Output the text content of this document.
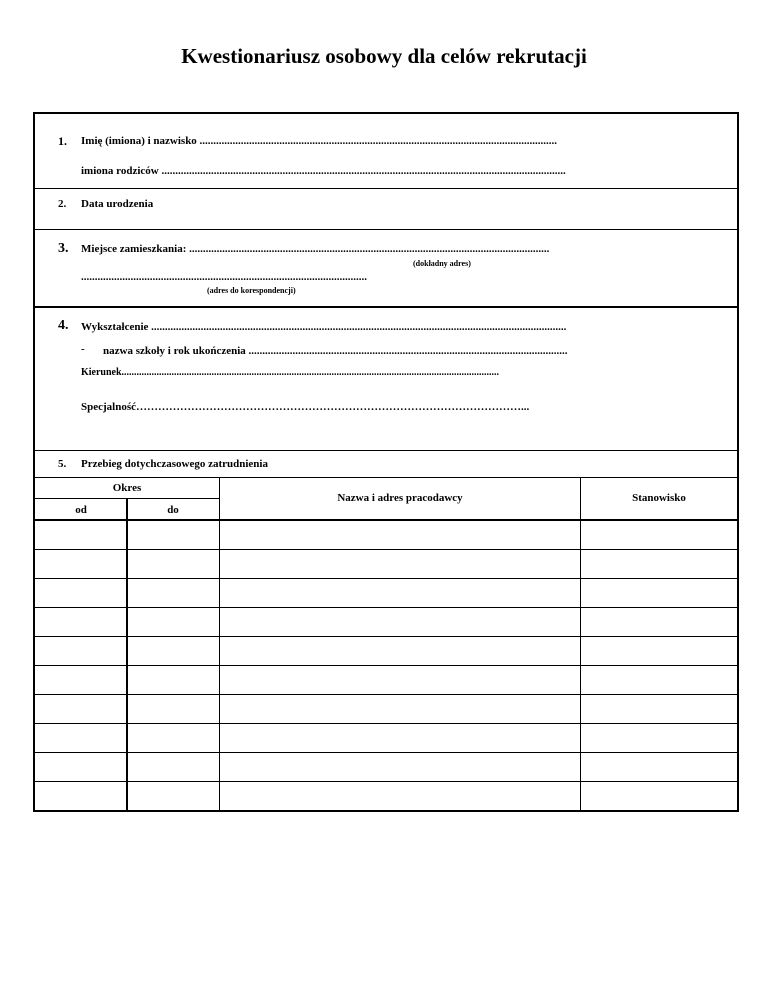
Kwestionariusz osobowy dla celów rekrutacji
1. Imię (imiona) i nazwisko ..................................................................................................................................
imiona rodziców ...................................................................................................................................................
2. Data urodzenia
3. Miejsce zamieszkania: ...................................................................................................................................
(dokładny adres)
........................................................................................................
(adres do korespondencji)
4. Wykształcenie .......................................................................................................................................................
- nazwa szkoły i rok ukończenia ....................................................................................................................
Kierunek.......................................................................................................................................................
Specjalność……………………………………………………………………………………………...
5. Przebieg dotychczasowego zatrudnienia
Okres
od	do
Nazwa i adres pracodawcy	Stanowisko
